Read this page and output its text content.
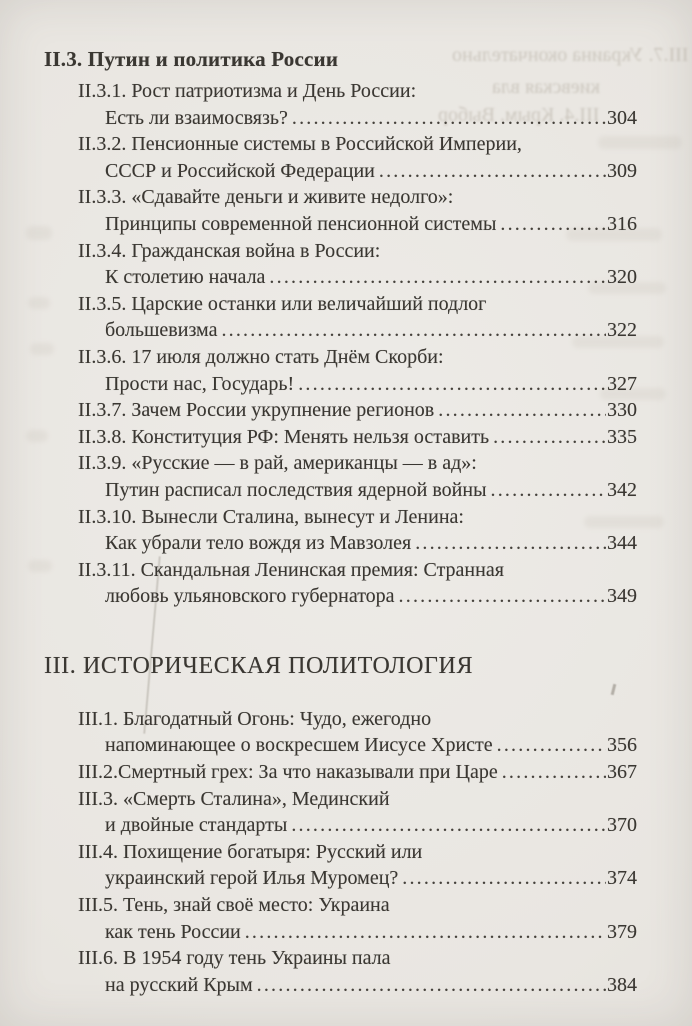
III.7. Украина окончательно
киевская вла
III.4. Крым. Выбор
II.3. Путин и политика России
II.3.1. Рост патриотизма и День России:
Есть ли взаимосвязь? .....	304
II.3.2. Пенсионные системы в Российской Империи,
СССР и Российской Федерации .....	309
II.3.3. «Сдавайте деньги и живите недолго»:
Принципы современной пенсионной системы .....	316
II.3.4. Гражданская война в России:
К столетию начала .....	320
II.3.5. Царские останки или величайший подлог
большевизма .....	322
II.3.6. 17 июля должно стать Днём Скорби:
Прости нас, Государь! .....	327
II.3.7. Зачем России укрупнение регионов .....	330
II.3.8. Конституция РФ: Менять нельзя оставить .....	335
II.3.9. «Русские — в рай, американцы — в ад»:
Путин расписал последствия ядерной войны .....	342
II.3.10. Вынесли Сталина, вынесут и Ленина:
Как убрали тело вождя из Мавзолея .....	344
II.3.11. Скандальная Ленинская премия: Странная
любовь ульяновского губернатора .....	349
III. ИСТОРИЧЕСКАЯ ПОЛИТОЛОГИЯ
III.1. Благодатный Огонь: Чудо, ежегодно
напоминающее о воскресшем Иисусе Христе .....	356
III.2.Смертный грех: За что наказывали при Царе .....	367
III.3. «Смерть Сталина», Мединский
и двойные стандарты .....	370
III.4. Похищение богатыря: Русский или
украинский герой Илья Муромец? .....	374
III.5. Тень, знай своё место: Украина
как тень России .....	379
III.6. В 1954 году тень Украины пала
на русский Крым .....	384
